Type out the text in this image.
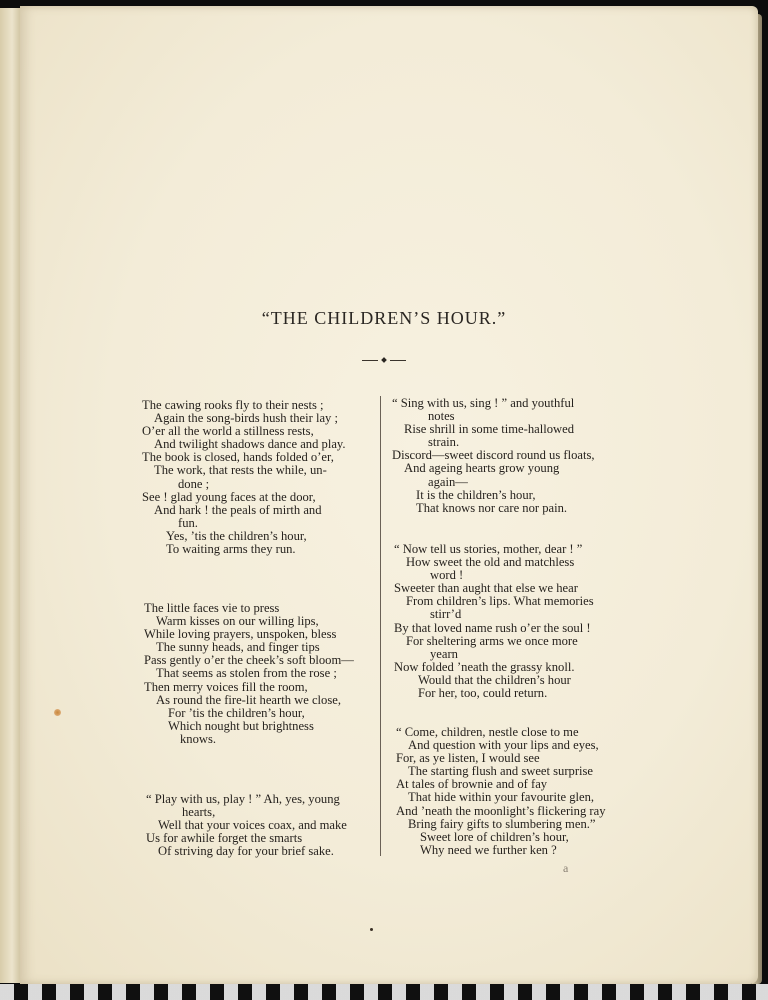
“THE CHILDREN’S HOUR.”
The cawing rooks fly to their nests ;
Again the song-birds hush their lay ;
O’er all the world a stillness rests,
And twilight shadows dance and play.
The book is closed, hands folded o’er,
The work, that rests the while, un-
done ;
See ! glad young faces at the door,
And hark ! the peals of mirth and
fun.
Yes, ’tis the children’s hour,
To waiting arms they run.
The little faces vie to press
Warm kisses on our willing lips,
While loving prayers, unspoken, bless
The sunny heads, and finger tips
Pass gently o’er the cheek’s soft bloom—
That seems as stolen from the rose ;
Then merry voices fill the room,
As round the fire-lit hearth we close,
For ’tis the children’s hour,
Which nought but brightness
knows.
“ Play with us, play ! ” Ah, yes, young
hearts,
Well that your voices coax, and make
Us for awhile forget the smarts
Of striving day for your brief sake.
“ Sing with us, sing ! ” and youthful
notes
Rise shrill in some time-hallowed
strain.
Discord—sweet discord round us floats,
And ageing hearts grow young
again—
It is the children’s hour,
That knows nor care nor pain.
“ Now tell us stories, mother, dear ! ”
How sweet the old and matchless
word !
Sweeter than aught that else we hear
From children’s lips. What memories
stirr’d
By that loved name rush o’er the soul !
For sheltering arms we once more
yearn
Now folded ’neath the grassy knoll.
Would that the children’s hour
For her, too, could return.
“ Come, children, nestle close to me
And question with your lips and eyes,
For, as ye listen, I would see
The starting flush and sweet surprise
At tales of brownie and of fay
That hide within your favourite glen,
And ’neath the moonlight’s flickering ray
Bring fairy gifts to slumbering men.”
Sweet lore of children’s hour,
Why need we further ken ?
a
